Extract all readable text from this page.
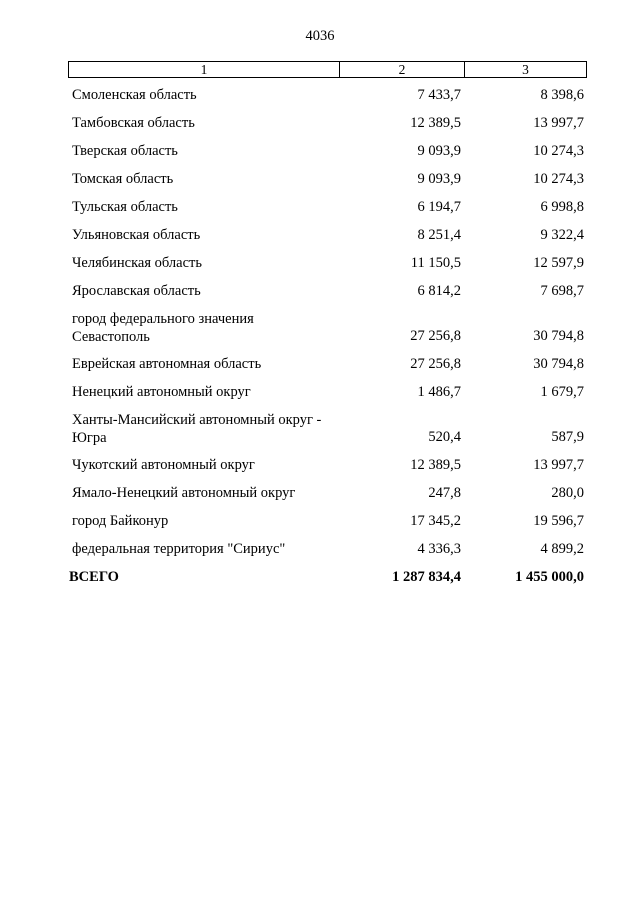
4036
1	2	3
Смоленская область	7 433,7	8 398,6
Тамбовская область	12 389,5	13 997,7
Тверская область	9 093,9	10 274,3
Томская область	9 093,9	10 274,3
Тульская область	6 194,7	6 998,8
Ульяновская область	8 251,4	9 322,4
Челябинская область	11 150,5	12 597,9
Ярославская область	6 814,2	7 698,7
город федерального значения
Севастополь	27 256,8	30 794,8
Еврейская автономная область	27 256,8	30 794,8
Ненецкий автономный округ	1 486,7	1 679,7
Ханты-Мансийский автономный округ -
Югра	520,4	587,9
Чукотский автономный округ	12 389,5	13 997,7
Ямало-Ненецкий автономный округ	247,8	280,0
город Байконур	17 345,2	19 596,7
федеральная территория "Сириус"	4 336,3	4 899,2
ВСЕГО	1 287 834,4	1 455 000,0
